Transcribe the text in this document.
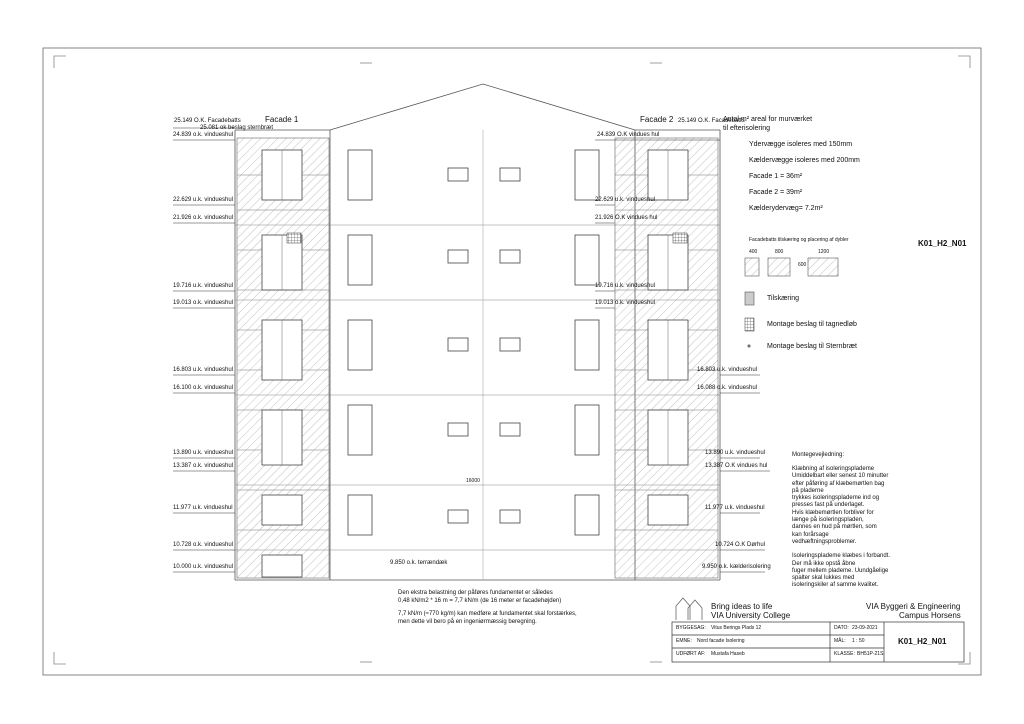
Facade 1	Facade 2
25.149 O.K. Facadebatts
25.081 ok beslag sternbræt
24.839 o.k. vindueshul
22.629 u.k. vindueshul
21.926 o.k. vindueshul
19.716 u.k. vindueshul
19.013 o.k. vindueshul
16.803 u.k. vindueshul
16.100 o.k. vindueshul
13.890 u.k. vindueshul
13.387 o.k. vindueshul
11.977 u.k. vindueshul
10.728 o.k. vindueshul
10.000 u.k. vindueshul
25.149 O.K. Facadebatts
24.839 O.K vindues hul
22.629 u.k. vindueshul
21.926 O.K vindues hul
19.716 u.k. vindueshul
19.013 o.k. vindueshul
16.803 u.k. vindueshul
16.088 o.k. vindueshul
13.890 u.k. vindueshul
13.387 O.K vindues hul
11.977 u.k. vindueshul
10.724 O.K Dørhul
9.950 o.k. kælderisolering
9.850 o.k. terrændæk
16000
Antal m² areal for murværket
til efterisolering
Ydervægge isoleres med 150mm
Kældervægge isoleres med 200mm
Facade 1 = 36m²
Facade 2 = 39m²
Kælderydervæg= 7.2m²
K01_H2_N01
Facadebatts tilskæring og placering af dybler
400	800	1200
600
Tilskæring
Montage beslag til tagnedløb
Montage beslag til Sternbræt
Montegevejledning:
Klæbning af isoleringsplademe
Umiddelbart eller senest 10 minutter
efter påføring af klæbemørtlen bag
på pladerne
trykkes isoleringsplademe ind og
presses fast på underlaget.
Hvis klæbemørtlen forbliver for
længe på isoleringspladen,
dannes en hud på mørtlen, som
kan forårsage
vedhæftningsproblemer.
Isoleringsplademe klæbes i forbandt.
Der må ikke opstå åbne
fuger mellem plademe. Uundgåelige
spalter skal lukkes med
isoleringskiler af samme kvalitet.
Den ekstra belastning der påføres fundamentet er således
0,48 kN/m2 * 16 m = 7,7 kN/m (de 16 meter er facadehøjden)
7,7 kN/m (≈770 kg/m) kan medføre at fundamentet skal forstærkes,
men dette vil bero på en ingeniørmæssig beregning.
Bring ideas to life
VIA University College
VIA Byggeri & Engineering
Campus Horsens
BYGGESAG: Vitus Berings Plads 12	DATO: 23-09-2021
EMNE: Nord facade Isolering	MÅL: 1 : 50
UDFØRT AF: Mustafa Haseb	KLASSE: BH51P-21S
K01_H2_N01
